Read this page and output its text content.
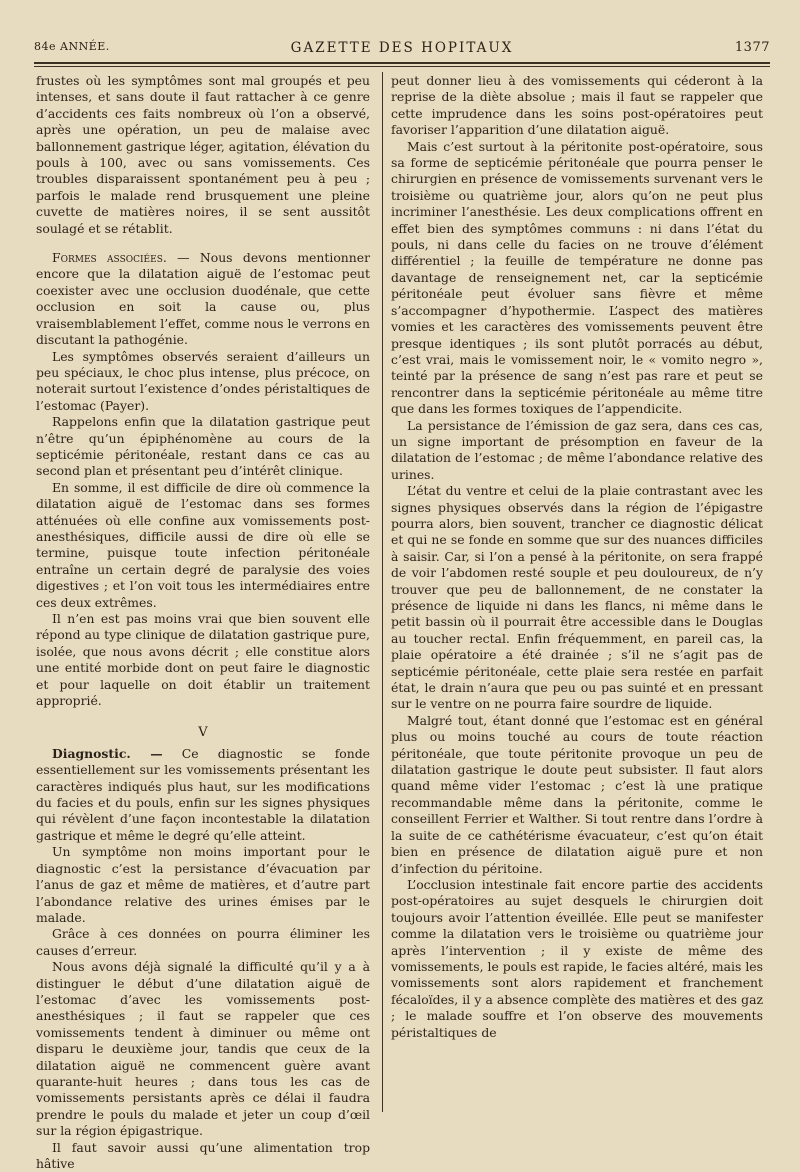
84e ANNÉE.	GAZETTE DES HOPITAUX	1377

frustes où les symptômes sont mal groupés et peu intenses, et sans doute il faut rattacher à ce genre d’accidents ces faits nombreux où l’on a observé, après une opération, un peu de malaise avec ballonnement gastrique léger, agitation, élévation du pouls à 100, avec ou sans vomissements. Ces troubles disparaissent spontanément peu à peu ; parfois le malade rend brusquement une pleine cuvette de matières noires, il se sent aussitôt soulagé et se rétablit.

Formes associées. — Nous devons mentionner encore que la dilatation aiguë de l’estomac peut coexister avec une occlusion duodénale, que cette occlusion en soit la cause ou, plus vraisemblablement l’effet, comme nous le verrons en discutant la pathogénie.

Les symptômes observés seraient d’ailleurs un peu spéciaux, le choc plus intense, plus précoce, on noterait surtout l’existence d’ondes péristaltiques de l’estomac (Payer).

Rappelons enfin que la dilatation gastrique peut n’être qu’un épiphénomène au cours de la septicémie péritonéale, restant dans ce cas au second plan et présentant peu d’intérêt clinique.

En somme, il est difficile de dire où commence la dilatation aiguë de l’estomac dans ses formes atténuées où elle confine aux vomissements post-anesthésiques, difficile aussi de dire où elle se termine, puisque toute infection péritonéale entraîne un certain degré de paralysie des voies digestives ; et l’on voit tous les intermédiaires entre ces deux extrêmes.

Il n’en est pas moins vrai que bien souvent elle répond au type clinique de dilatation gastrique pure, isolée, que nous avons décrit ; elle constitue alors une entité morbide dont on peut faire le diagnostic et pour laquelle on doit établir un traitement approprié.

V

Diagnostic. — Ce diagnostic se fonde essentiellement sur les vomissements présentant les caractères indiqués plus haut, sur les modifications du facies et du pouls, enfin sur les signes physiques qui révèlent d’une façon incontestable la dilatation gastrique et même le degré qu’elle atteint.

Un symptôme non moins important pour le diagnostic c’est la persistance d’évacuation par l’anus de gaz et même de matières, et d’autre part l’abondance relative des urines émises par le malade.

Grâce à ces données on pourra éliminer les causes d’erreur.

Nous avons déjà signalé la difficulté qu’il y a à distinguer le début d’une dilatation aiguë de l’estomac d’avec les vomissements post-anesthésiques ; il faut se rappeler que ces vomissements tendent à diminuer ou même ont disparu le deuxième jour, tandis que ceux de la dilatation aiguë ne commencent guère avant quarante-huit heures ; dans tous les cas de vomissements persistants après ce délai il faudra prendre le pouls du malade et jeter un coup d’œil sur la région épigastrique.

Il faut savoir aussi qu’une alimentation trop hâtive

peut donner lieu à des vomissements qui céderont à la reprise de la diète absolue ; mais il faut se rappeler que cette imprudence dans les soins post-opératoires peut favoriser l’apparition d’une dilatation aiguë.

Mais c’est surtout à la péritonite post-opératoire, sous sa forme de septicémie péritonéale que pourra penser le chirurgien en présence de vomissements survenant vers le troisième ou quatrième jour, alors qu’on ne peut plus incriminer l’anesthésie. Les deux complications offrent en effet bien des symptômes communs : ni dans l’état du pouls, ni dans celle du facies on ne trouve d’élément différentiel ; la feuille de température ne donne pas davantage de renseignement net, car la septicémie péritonéale peut évoluer sans fièvre et même s’accompagner d’hypothermie. L’aspect des matières vomies et les caractères des vomissements peuvent être presque identiques ; ils sont plutôt porracés au début, c’est vrai, mais le vomissement noir, le « vomito negro », teinté par la présence de sang n’est pas rare et peut se rencontrer dans la septicémie péritonéale au même titre que dans les formes toxiques de l’appendicite.

La persistance de l’émission de gaz sera, dans ces cas, un signe important de présomption en faveur de la dilatation de l’estomac ; de même l’abondance relative des urines.

L’état du ventre et celui de la plaie contrastant avec les signes physiques observés dans la région de l’épigastre pourra alors, bien souvent, trancher ce diagnostic délicat et qui ne se fonde en somme que sur des nuances difficiles à saisir. Car, si l’on a pensé à la péritonite, on sera frappé de voir l’abdomen resté souple et peu douloureux, de n’y trouver que peu de ballonnement, de ne constater la présence de liquide ni dans les flancs, ni même dans le petit bassin où il pourrait être accessible dans le Douglas au toucher rectal. Enfin fréquemment, en pareil cas, la plaie opératoire a été drainée ; s’il ne s’agit pas de septicémie péritonéale, cette plaie sera restée en parfait état, le drain n’aura que peu ou pas suinté et en pressant sur le ventre on ne pourra faire sourdre de liquide.

Malgré tout, étant donné que l’estomac est en général plus ou moins touché au cours de toute réaction péritonéale, que toute péritonite provoque un peu de dilatation gastrique le doute peut subsister. Il faut alors quand même vider l’estomac ; c’est là une pratique recommandable même dans la péritonite, comme le conseillent Ferrier et Walther. Si tout rentre dans l’ordre à la suite de ce cathétérisme évacuateur, c’est qu’on était bien en présence de dilatation aiguë pure et non d’infection du péritoine.

L’occlusion intestinale fait encore partie des accidents post-opératoires au sujet desquels le chirurgien doit toujours avoir l’attention éveillée. Elle peut se manifester comme la dilatation vers le troisième ou quatrième jour après l’intervention ; il y existe de même des vomissements, le pouls est rapide, le facies altéré, mais les vomissements sont alors rapidement et franchement fécaloïdes, il y a absence complète des matières et des gaz ; le malade souffre et l’on observe des mouvements péristaltiques de
